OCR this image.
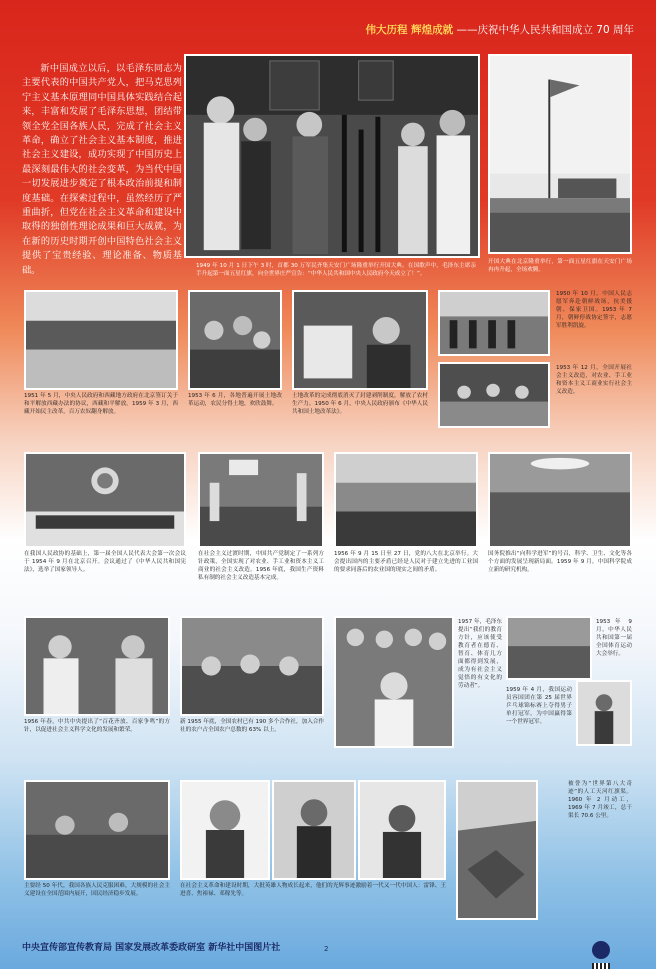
伟大历程 辉煌成就 ——庆祝中华人民共和国成立 70 周年
新中国成立以后，以毛泽东同志为主要代表的中国共产党人，把马克思列宁主义基本原理同中国具体实践结合起来，丰富和发展了毛泽东思想，团结带领全党全国各族人民，完成了社会主义革命，确立了社会主义基本制度，推进社会主义建设，成功实现了中国历史上最深刻最伟大的社会变革，为当代中国一切发展进步奠定了根本政治前提和制度基础。在探索过程中，虽然经历了严重曲折，但党在社会主义革命和建设中取得的独创性理论成果和巨大成就，为在新的历史时期开创中国特色社会主义提供了宝贵经验、理论准备、物质基础。	1949 年 10 月 1 日下午 3 时，首都 30 万军民齐集天安门广场隆重举行开国大典。在国歌声中，毛泽东主席亲手升起第一面五星红旗，向全世界庄严宣告：“中华人民共和国中央人民政府今天成立了！”。
开国大典在北京隆重举行，第一面五星红旗在天安门广场冉冉升起，全场欢腾。
1951 年 5 月，中央人民政府和西藏地方政府在北京签订关于和平解放西藏办法的协议，西藏和平解放。1959 年 3 月，西藏开始民主改革，百万农奴翻身解放。
1953 年 6 月，各地普遍开展土地改革运动，农民分得土地，欢欣鼓舞。
土地改革的完成彻底消灭了封建剥削制度，解放了农村生产力。1950 年 6 月，中央人民政府颁布《中华人民共和国土地改革法》。
1950 年 10 月，中国人民志愿军奔赴朝鲜战场，抗美援朝、保家卫国。1953 年 7 月，朝鲜停战协定签字，志愿军胜利凯旋。
1953 年 12 月，全国开展社会主义改造，对农业、手工业和资本主义工商业实行社会主义改造。
在我国人民政协的基础上，第一届全国人民代表大会第一次会议于 1954 年 9 月在北京召开。会议通过了《中华人民共和国宪法》，选举了国家领导人。
在社会主义过渡时期，中国共产党制定了一系列方针政策，全国实现了对农业、手工业和资本主义工商业的社会主义改造。1956 年底，我国生产资料私有制的社会主义改造基本完成。
1956 年 9 月 15 日至 27 日，党的八大在北京举行。大会提出国内的主要矛盾已经是人民对于建立先进的工业国的要求同落后的农业国的现实之间的矛盾。
国务院推出“向科学进军”的号召，科学、卫生、文化等各个方面的发展呈现新局面。1959 年 9 月，中国科学院成立新的研究机构。
1956 年春，中共中央提出了“百花齐放、百家争鸣”的方针，以促进社会主义科学文化的发展和繁荣。
新 1955 年底，全国农村已有 190 多个合作社，加入合作社的农户占全国农户总数的 63% 以上。
1957 年，毛泽东提出“我们的教育方针，应该使受教育者在德育、智育、体育几方面都得到发展，成为有社会主义觉悟的有文化的劳动者”。
1953 年 9 月，中华人民共和国第一届全国体育运动大会举行。
1959 年 4 月，我国运动员容国团在第 25 届世界乒乓球锦标赛上夺得男子单打冠军，为中国赢得第一个世界冠军。
主要经 50 年代，我国各族人民克服困难，大规模的社会主义建设在全国范围内展开，国民经济稳步发展。
在社会主义革命和建设时期，大批英雄人物成长起来，他们的光辉事迹激励着一代又一代中国人：雷锋、王进喜、焦裕禄、邓稼先等。
被誉为“世界第八大奇迹”的人工天河红旗渠。1960 年 2 月动工，1969 年 7 月竣工，总干渠长 70.6 公里。
中央宣传部宣传教育局 国家发展改革委政研室 新华社中国图片社	2
